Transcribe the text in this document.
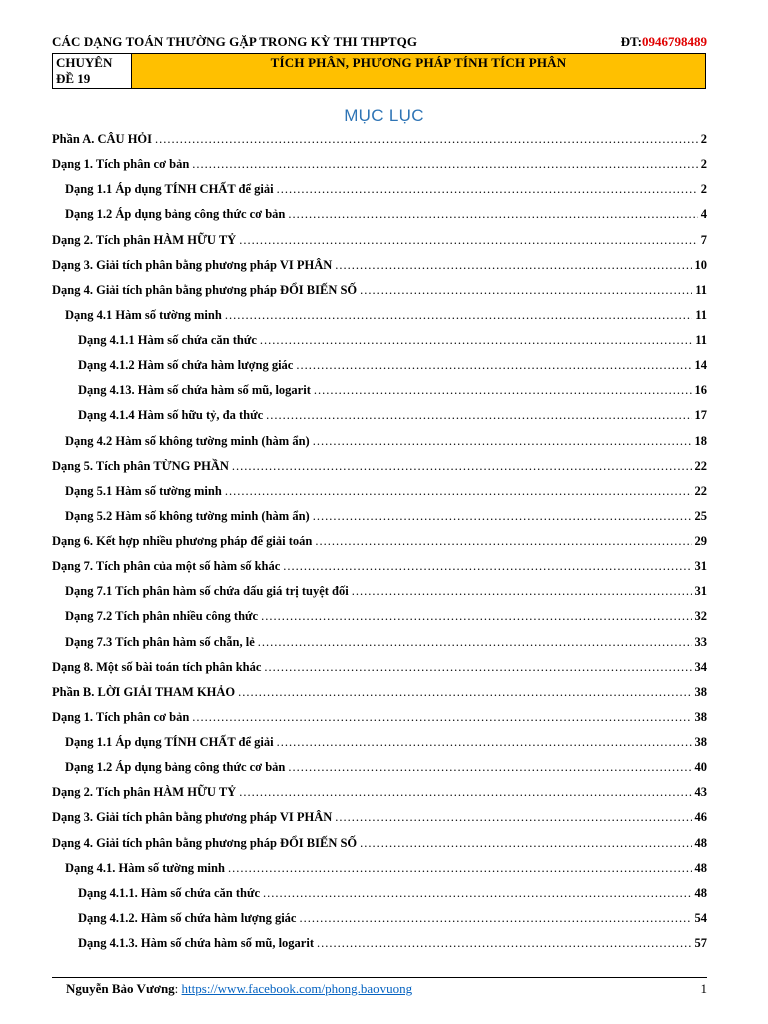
CÁC DẠNG TOÁN THƯỜNG GẶP TRONG KỲ THI THPTQG	ĐT:0946798489
CHUYÊN
ĐỀ 19
TÍCH PHÂN, PHƯƠNG PHÁP TÍNH TÍCH PHÂN
MỤC LỤC
Phần A. CÂU HỎI .....	2
Dạng 1. Tích phân cơ bản .....	2
Dạng 1.1 Áp dụng TÍNH CHẤT để giải .....	2
Dạng 1.2 Áp dụng bảng công thức cơ bản .....	4
Dạng 2. Tích phân HÀM HỮU TỶ .....	7
Dạng 3. Giải tích phân bằng phương pháp VI PHÂN .....	10
Dạng 4. Giải tích phân bằng phương pháp ĐỔI BIẾN SỐ .....	11
Dạng 4.1 Hàm số tường minh .....	11
Dạng 4.1.1 Hàm số chứa căn thức .....	11
Dạng 4.1.2 Hàm số chứa hàm lượng giác .....	14
Dạng 4.13. Hàm số chứa hàm số mũ, logarit .....	16
Dạng 4.1.4 Hàm số hữu tỷ, đa thức .....	17
Dạng 4.2 Hàm số không tường minh (hàm ẩn) .....	18
Dạng 5. Tích phân TỪNG PHẦN .....	22
Dạng 5.1 Hàm số tường minh .....	22
Dạng 5.2 Hàm số không tường minh (hàm ẩn) .....	25
Dạng 6. Kết hợp nhiều phương pháp để giải toán .....	29
Dạng 7. Tích phân của một số hàm số khác .....	31
Dạng 7.1 Tích phân hàm số chứa dấu giá trị tuyệt đối .....	31
Dạng 7.2 Tích phân nhiều công thức .....	32
Dạng 7.3 Tích phân hàm số chẵn, lẻ .....	33
Dạng 8. Một số bài toán tích phân khác .....	34
Phần B. LỜI GIẢI THAM KHẢO .....	38
Dạng 1. Tích phân cơ bản .....	38
Dạng 1.1 Áp dụng TÍNH CHẤT để giải .....	38
Dạng 1.2 Áp dụng bảng công thức cơ bản .....	40
Dạng 2. Tích phân HÀM HỮU TỶ .....	43
Dạng 3. Giải tích phân bằng phương pháp VI PHÂN .....	46
Dạng 4. Giải tích phân bằng phương pháp ĐỔI BIẾN SỐ .....	48
Dạng 4.1. Hàm số tường minh .....	48
Dạng 4.1.1. Hàm số chứa căn thức .....	48
Dạng 4.1.2. Hàm số chứa hàm lượng giác .....	54
Dạng 4.1.3. Hàm số chứa hàm số mũ, logarit .....	57
Nguyễn Bảo Vương: https://www.facebook.com/phong.baovuong	1
